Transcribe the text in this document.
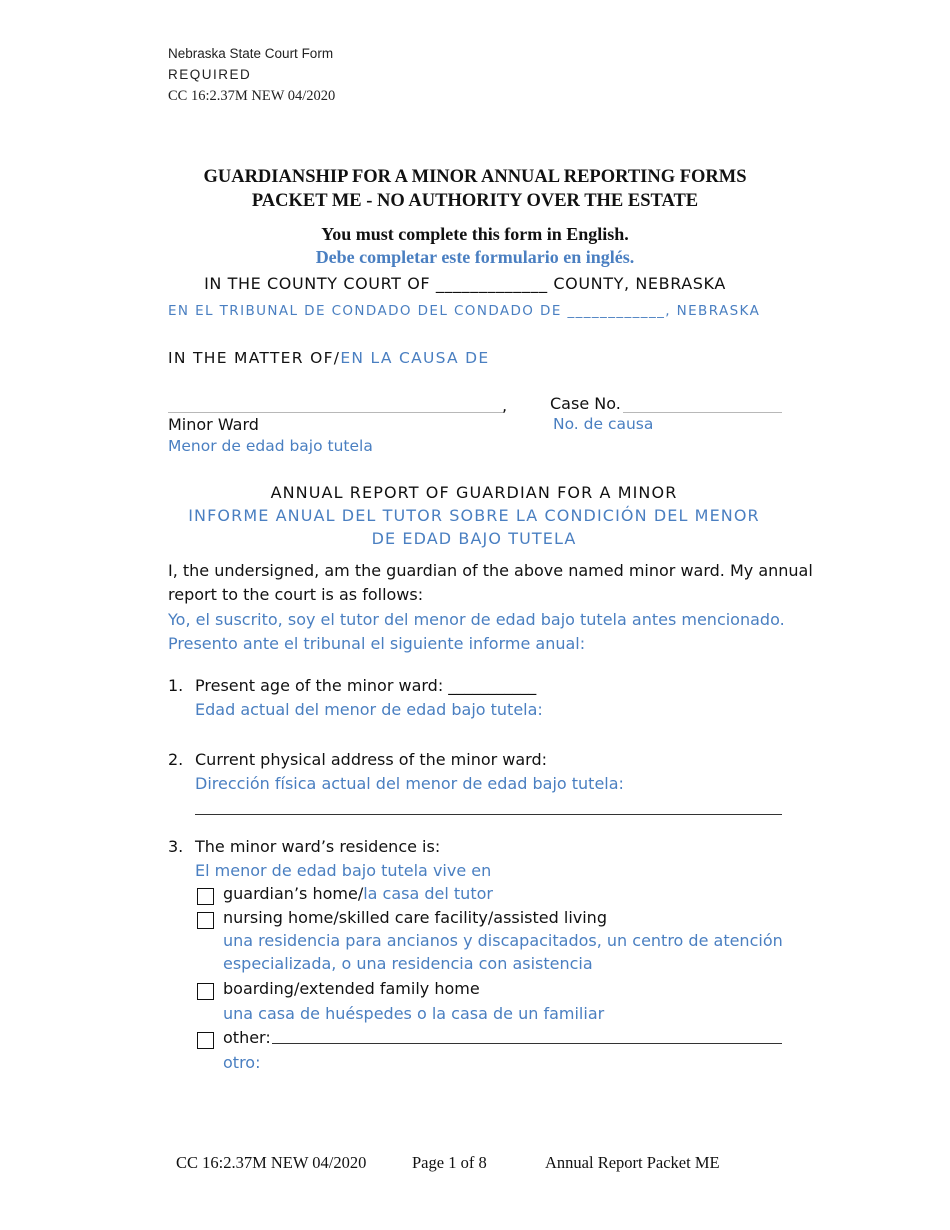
Nebraska State Court Form
REQUIRED
CC 16:2.37M NEW 04/2020
GUARDIANSHIP FOR A MINOR ANNUAL REPORTING FORMS
PACKET ME - NO AUTHORITY OVER THE ESTATE
You must complete this form in English.
Debe completar este formulario en inglés.
IN THE COUNTY COURT OF _____________ COUNTY, NEBRASKA
EN EL TRIBUNAL DE CONDADO DEL CONDADO DE ____________, NEBRASKA
IN THE MATTER OF/EN LA CAUSA DE
,	Case No.
Minor Ward	No. de causa
Menor de edad bajo tutela
ANNUAL REPORT OF GUARDIAN FOR A MINOR
INFORME ANUAL DEL TUTOR SOBRE LA CONDICIÓN DEL MENOR
DE EDAD BAJO TUTELA
I, the undersigned, am the guardian of the above named minor ward. My annual
report to the court is as follows:
Yo, el suscrito, soy el tutor del menor de edad bajo tutela antes mencionado.
Presento ante el tribunal el siguiente informe anual:
1. Present age of the minor ward: ___________
Edad actual del menor de edad bajo tutela:
2. Current physical address of the minor ward:
Dirección física actual del menor de edad bajo tutela:
3. The minor ward’s residence is:
El menor de edad bajo tutela vive en
guardian’s home/la casa del tutor
nursing home/skilled care facility/assisted living
una residencia para ancianos y discapacitados, un centro de atención
especializada, o una residencia con asistencia
boarding/extended family home
una casa de huéspedes o la casa de un familiar
other:
otro:
CC 16:2.37M NEW 04/2020	Page 1 of 8	Annual Report Packet ME
